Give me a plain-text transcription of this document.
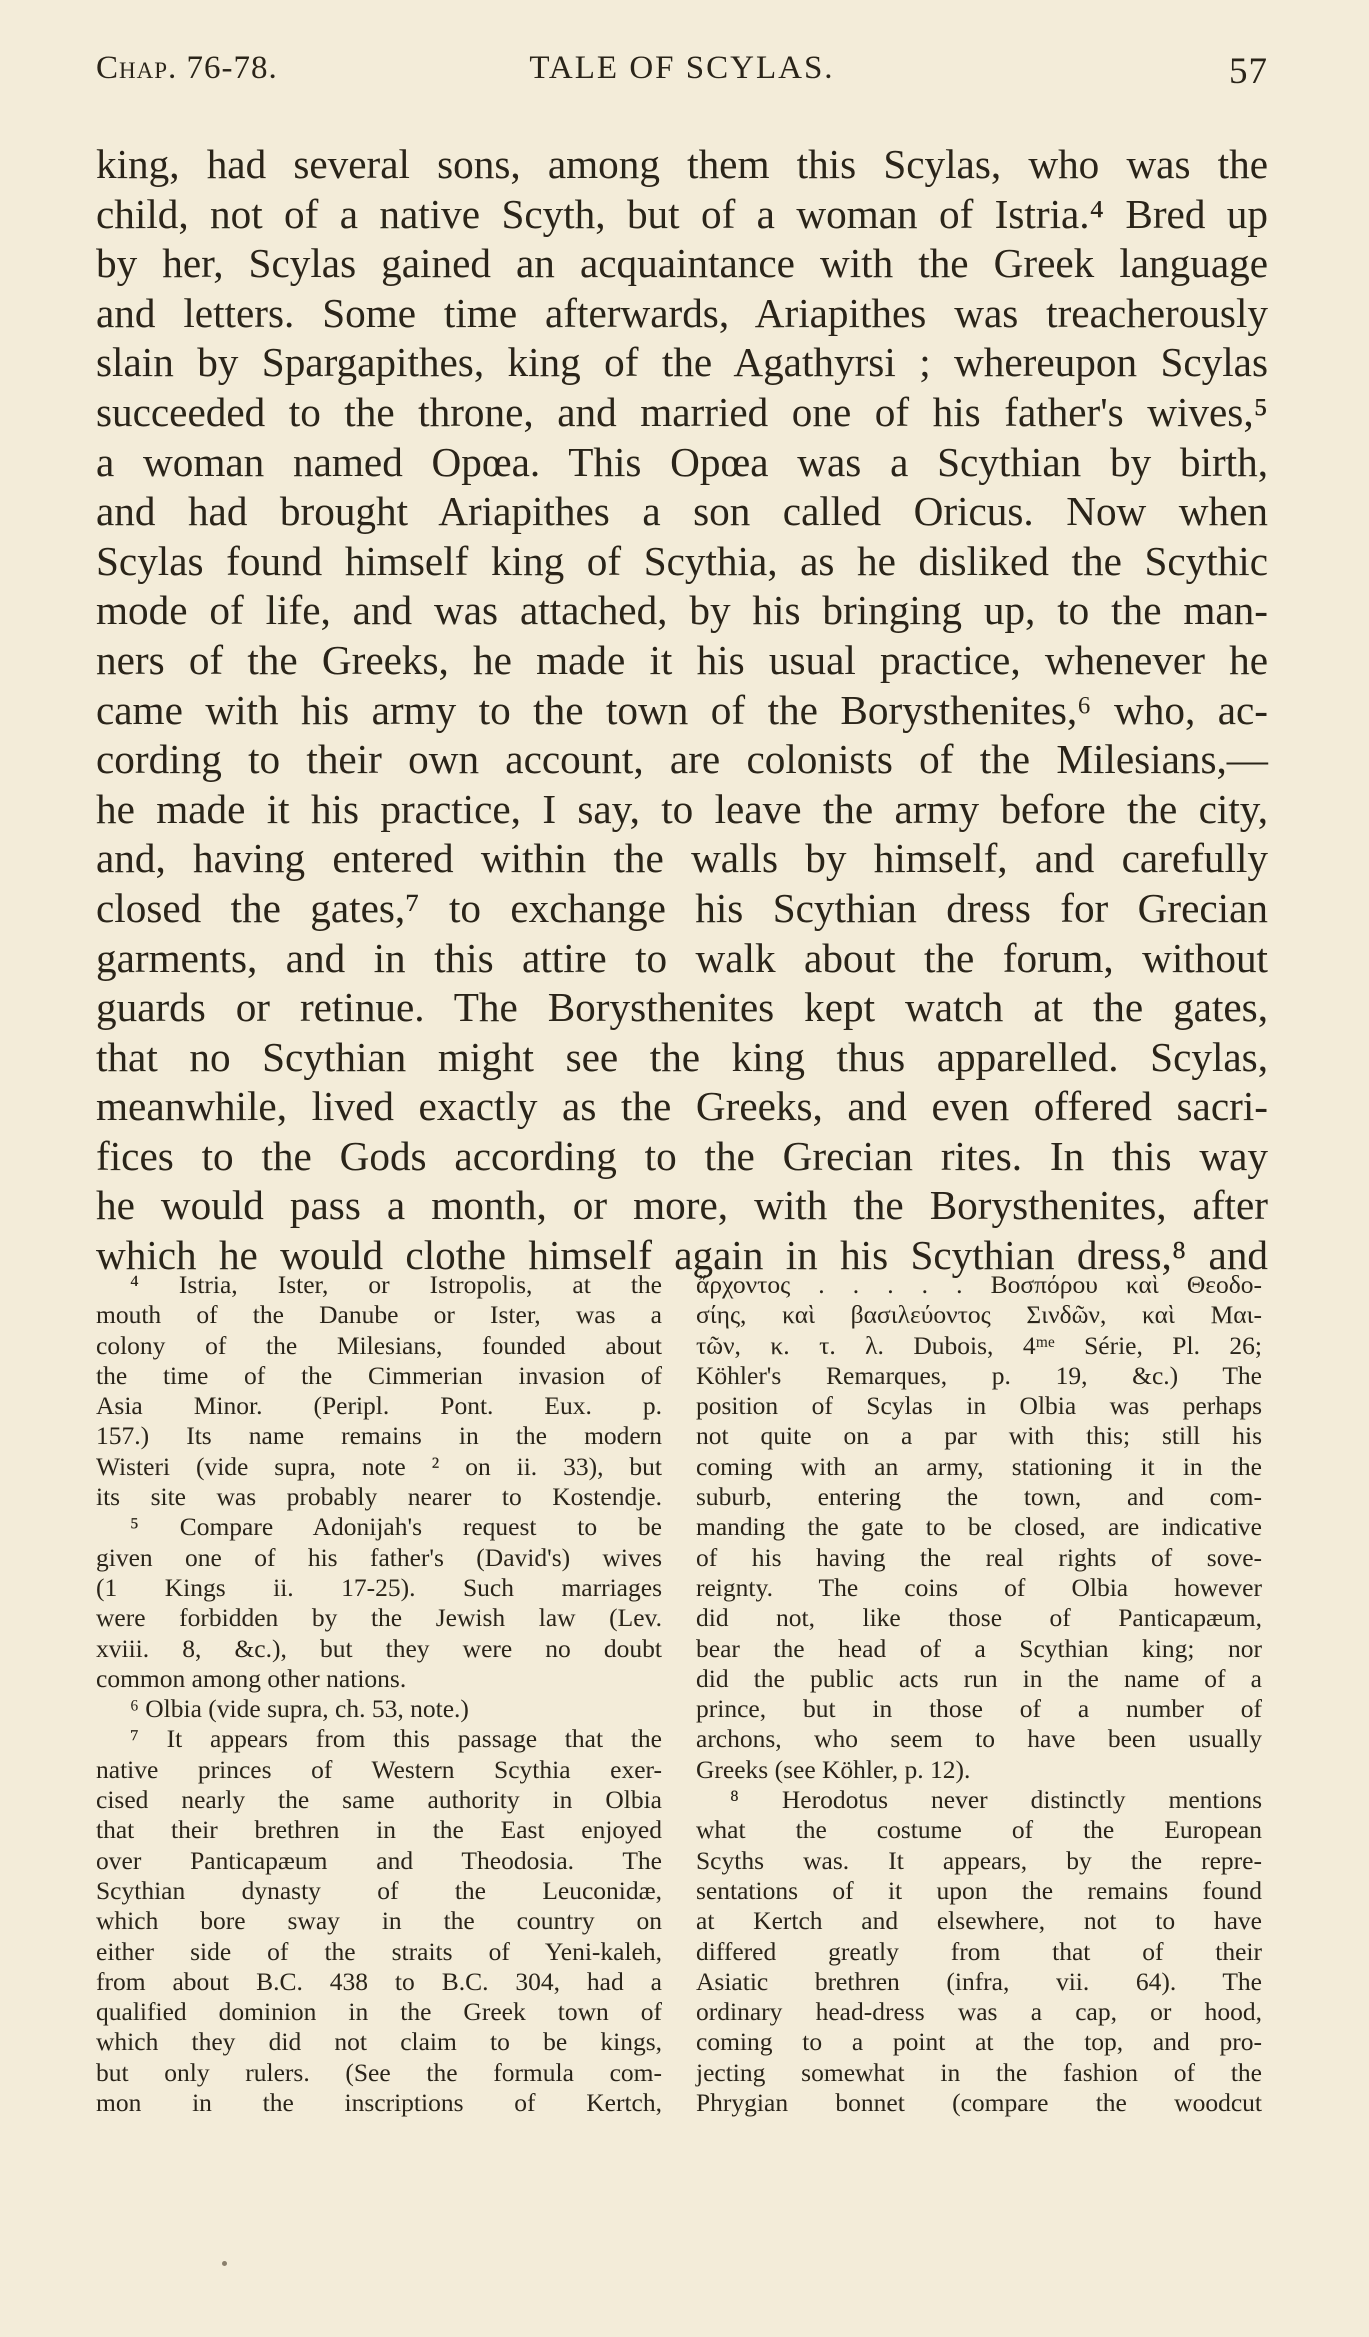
Chap. 76-78.	TALE OF SCYLAS.	57
king, had several sons, among them this Scylas, who was the
child, not of a native Scyth, but of a woman of Istria.⁴ Bred up
by her, Scylas gained an acquaintance with the Greek language
and letters. Some time afterwards, Ariapithes was treacherously
slain by Spargapithes, king of the Agathyrsi ; whereupon Scylas
succeeded to the throne, and married one of his father's wives,⁵
a woman named Opœa. This Opœa was a Scythian by birth,
and had brought Ariapithes a son called Oricus. Now when
Scylas found himself king of Scythia, as he disliked the Scythic
mode of life, and was attached, by his bringing up, to the man-
ners of the Greeks, he made it his usual practice, whenever he
came with his army to the town of the Borysthenites,⁶ who, ac-
cording to their own account, are colonists of the Milesians,—
he made it his practice, I say, to leave the army before the city,
and, having entered within the walls by himself, and carefully
closed the gates,⁷ to exchange his Scythian dress for Grecian
garments, and in this attire to walk about the forum, without
guards or retinue. The Borysthenites kept watch at the gates,
that no Scythian might see the king thus apparelled. Scylas,
meanwhile, lived exactly as the Greeks, and even offered sacri-
fices to the Gods according to the Grecian rites. In this way
he would pass a month, or more, with the Borysthenites, after
which he would clothe himself again in his Scythian dress,⁸ and
⁴ Istria, Ister, or Istropolis, at the
mouth of the Danube or Ister, was a
colony of the Milesians, founded about
the time of the Cimmerian invasion of
Asia Minor. (Peripl. Pont. Eux. p.
157.) Its name remains in the modern
Wisteri (vide supra, note ² on ii. 33), but
its site was probably nearer to Kostendje.
⁵ Compare Adonijah's request to be
given one of his father's (David's) wives
(1 Kings ii. 17-25). Such marriages
were forbidden by the Jewish law (Lev.
xviii. 8, &c.), but they were no doubt
common among other nations.
⁶ Olbia (vide supra, ch. 53, note.)
⁷ It appears from this passage that the
native princes of Western Scythia exer-
cised nearly the same authority in Olbia
that their brethren in the East enjoyed
over Panticapæum and Theodosia. The
Scythian dynasty of the Leuconidæ,
which bore sway in the country on
either side of the straits of Yeni-kaleh,
from about B.C. 438 to B.C. 304, had a
qualified dominion in the Greek town of
which they did not claim to be kings,
but only rulers. (See the formula com-
mon in the inscriptions of Kertch,
ἄρχοντος . . . . . Βοσπόρου καὶ Θεοδο-
σίης, καὶ βασιλεύοντος Σινδῶν, καὶ Μαι-
τῶν, κ. τ. λ. Dubois, 4ᵐᵉ Série, Pl. 26;
Köhler's Remarques, p. 19, &c.) The
position of Scylas in Olbia was perhaps
not quite on a par with this; still his
coming with an army, stationing it in the
suburb, entering the town, and com-
manding the gate to be closed, are indicative
of his having the real rights of sove-
reignty. The coins of Olbia however
did not, like those of Panticapæum,
bear the head of a Scythian king; nor
did the public acts run in the name of a
prince, but in those of a number of
archons, who seem to have been usually
Greeks (see Köhler, p. 12).
⁸ Herodotus never distinctly mentions
what the costume of the European
Scyths was. It appears, by the repre-
sentations of it upon the remains found
at Kertch and elsewhere, not to have
differed greatly from that of their
Asiatic brethren (infra, vii. 64). The
ordinary head-dress was a cap, or hood,
coming to a point at the top, and pro-
jecting somewhat in the fashion of the
Phrygian bonnet (compare the woodcut
